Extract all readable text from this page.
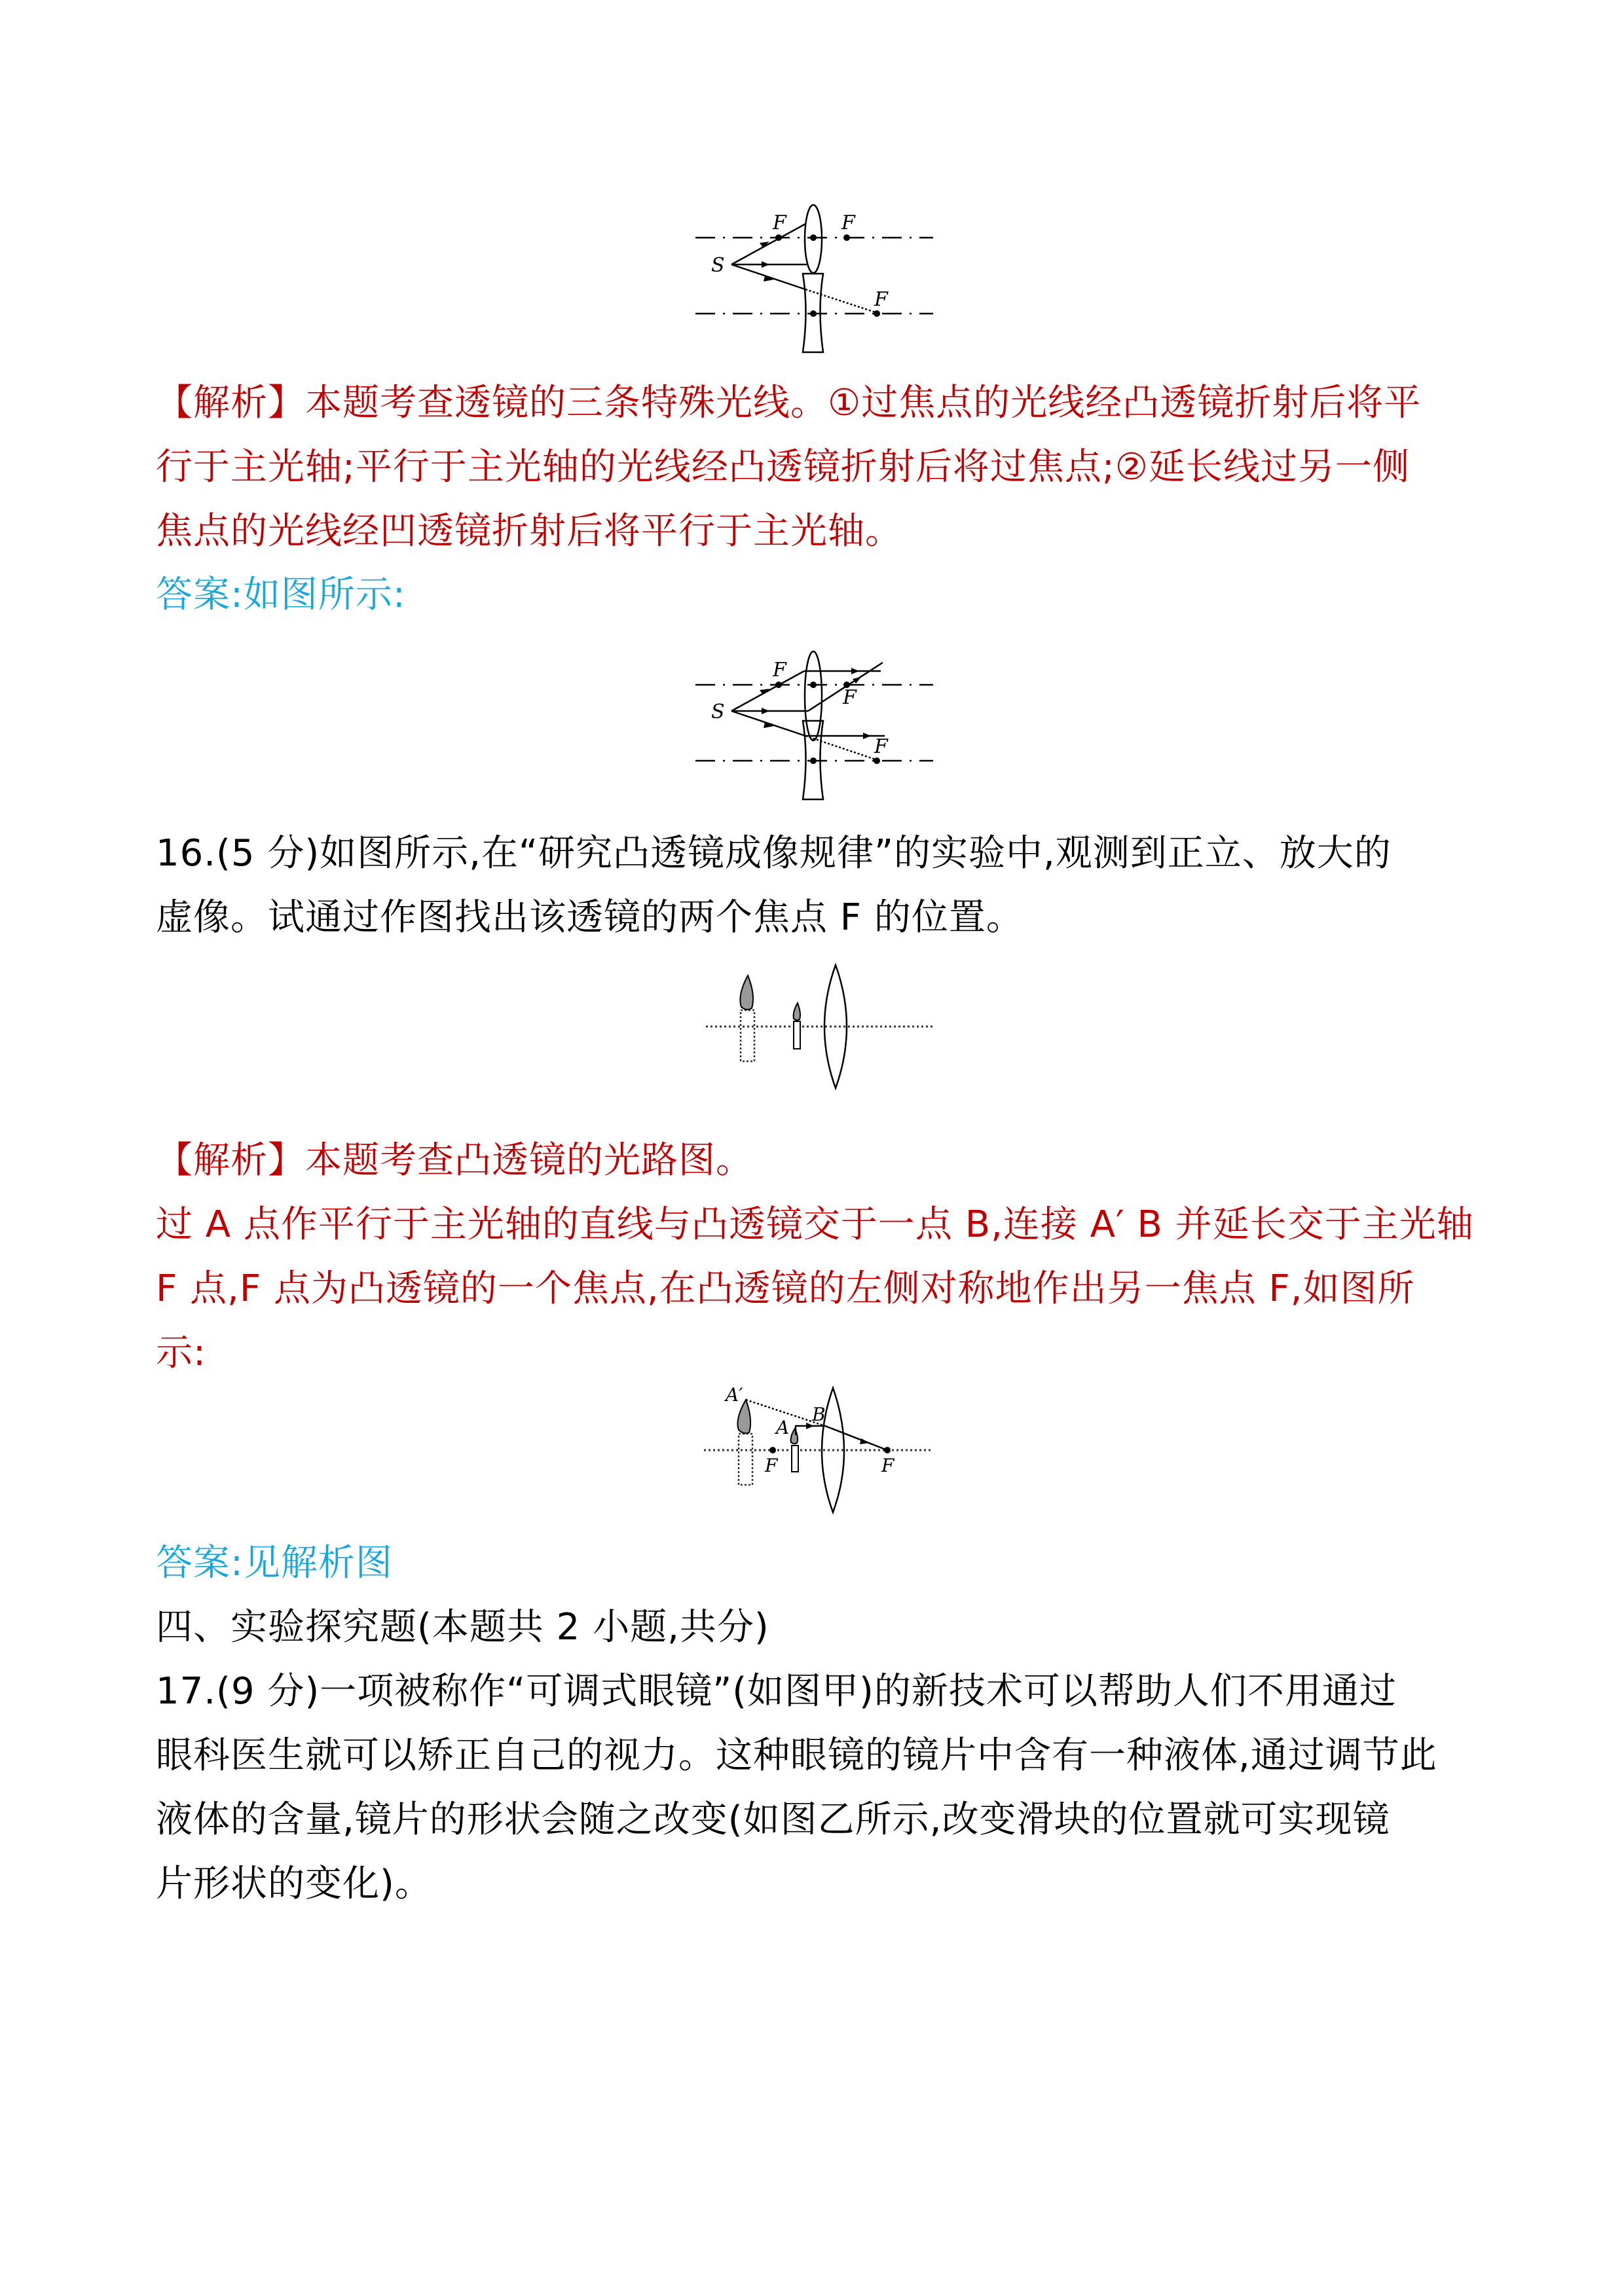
F	F
S
F
【解析】本题考查透镜的三条特殊光线。①过焦点的光线经凸透镜折射后将平
行于主光轴;平行于主光轴的光线经凸透镜折射后将过焦点;②延长线过另一侧
焦点的光线经凹透镜折射后将平行于主光轴。
答案:如图所示:
F
F
S
F
16.(5 分)如图所示,在“研究凸透镜成像规律”的实验中,观测到正立、放大的
虚像。试通过作图找出该透镜的两个焦点 F 的位置。
【解析】本题考查凸透镜的光路图。
过 A 点作平行于主光轴的直线与凸透镜交于一点 B,连接 A′ B 并延长交于主光轴
F 点,F 点为凸透镜的一个焦点,在凸透镜的左侧对称地作出另一焦点 F,如图所
示:
A′
A
B
F	F
答案:见解析图
四、实验探究题(本题共 2 小题,共分)
17.(9 分)一项被称作“可调式眼镜”(如图甲)的新技术可以帮助人们不用通过
眼科医生就可以矫正自己的视力。这种眼镜的镜片中含有一种液体,通过调节此
液体的含量,镜片的形状会随之改变(如图乙所示,改变滑块的位置就可实现镜
片形状的变化)。
